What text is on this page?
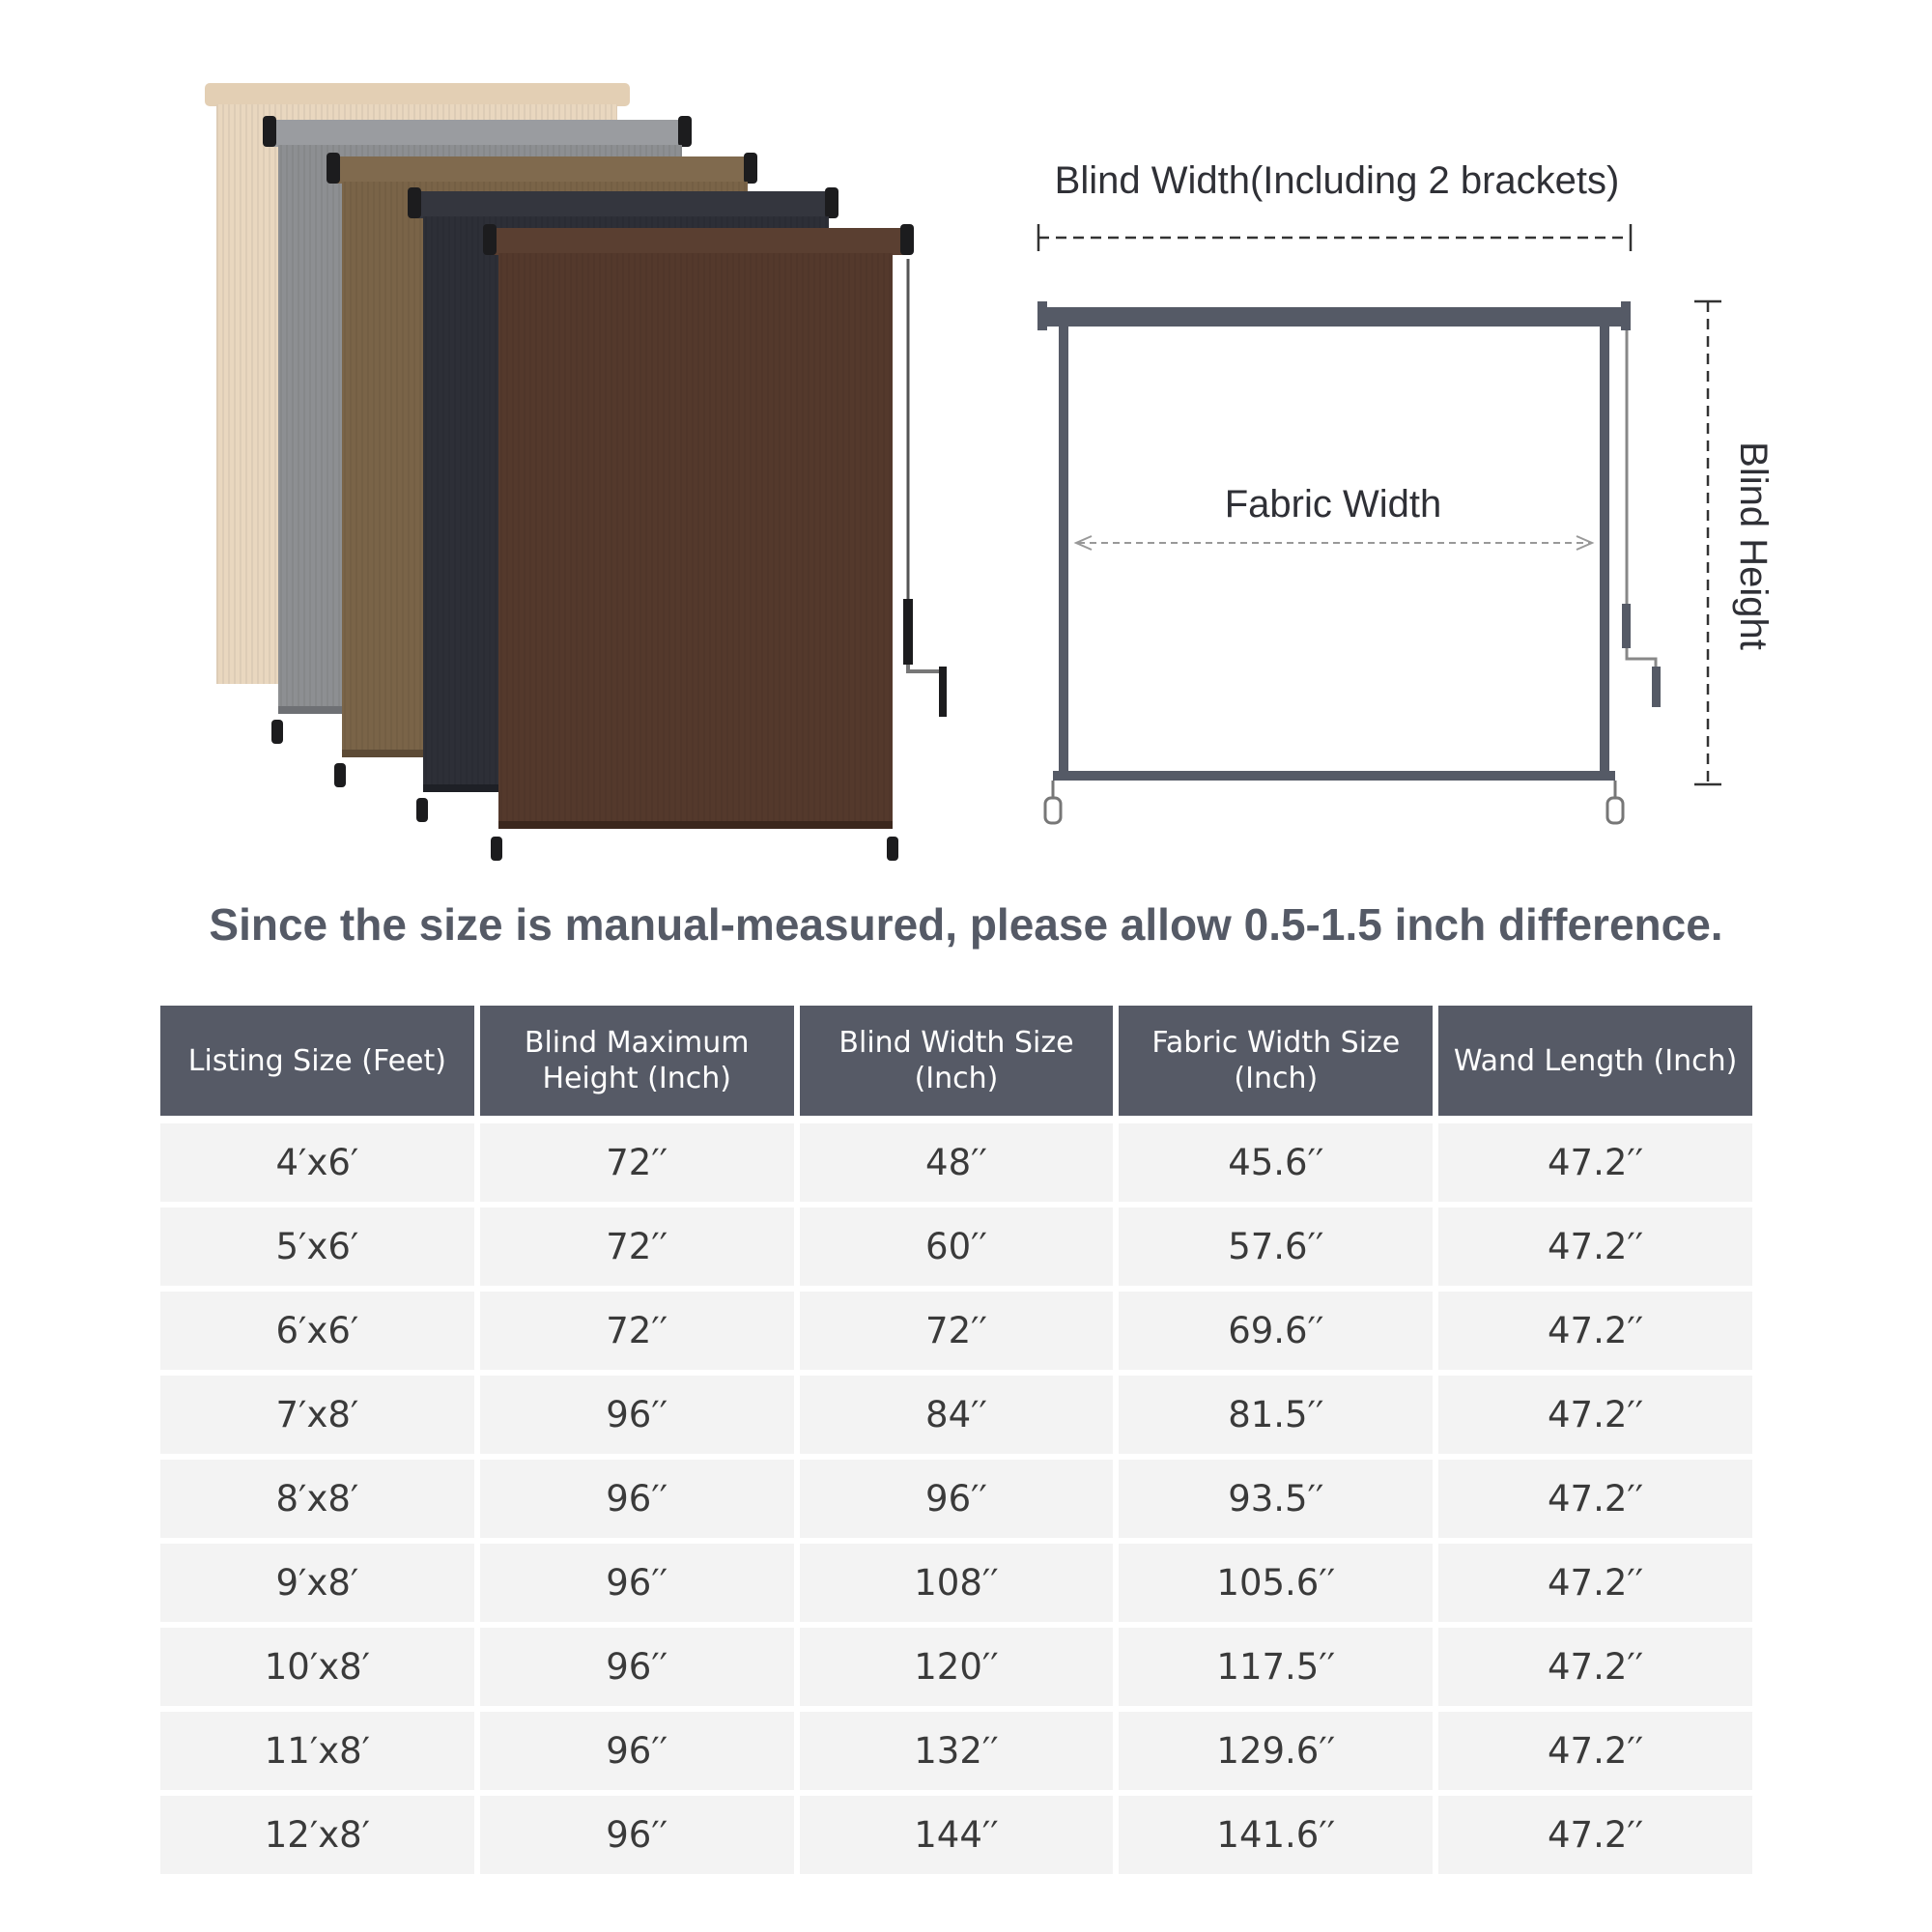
Blind Width(Including 2 brackets)
Fabric Width	Blind Height
Since the size is manual-measured, please allow 0.5-1.5 inch difference.
Listing Size (Feet)	Blind Maximum Height (Inch)	Blind Width Size (Inch)	Fabric Width Size (Inch)	Wand Length (Inch)
4′x6′	72′′	48′′	45.6′′	47.2′′
5′x6′	72′′	60′′	57.6′′	47.2′′
6′x6′	72′′	72′′	69.6′′	47.2′′
7′x8′	96′′	84′′	81.5′′	47.2′′
8′x8′	96′′	96′′	93.5′′	47.2′′
9′x8′	96′′	108′′	105.6′′	47.2′′
10′x8′	96′′	120′′	117.5′′	47.2′′
11′x8′	96′′	132′′	129.6′′	47.2′′
12′x8′	96′′	144′′	141.6′′	47.2′′
